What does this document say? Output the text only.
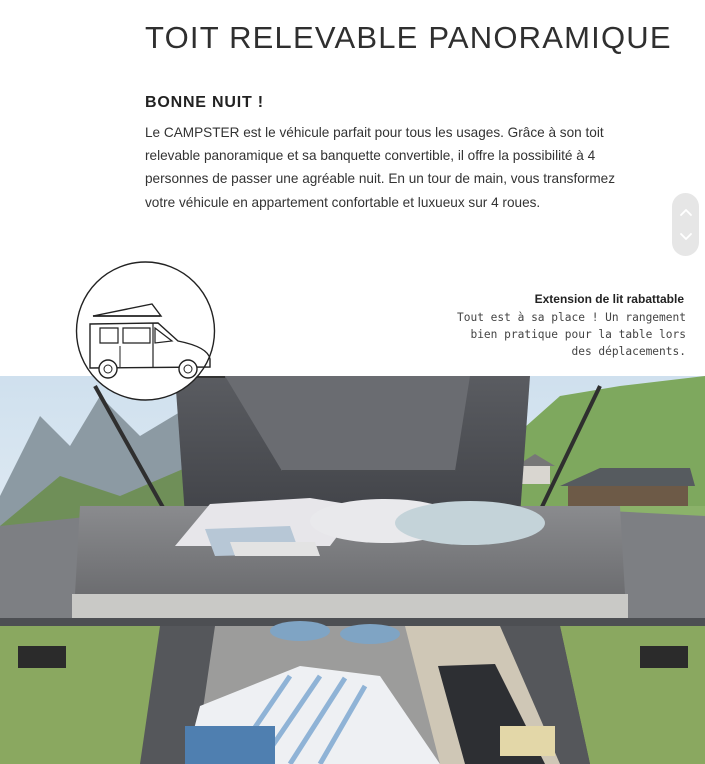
TOIT RELEVABLE PANORAMIQUE
BONNE NUIT !

Le CAMPSTER est le véhicule parfait pour tous les usages. Grâce à son toit relevable panoramique et sa banquette convertible, il offre la possibilité à 4 personnes de passer une agréable nuit. En un tour de main, vous transformez votre véhicule en appartement confortable et luxueux sur 4 roues.

Extension de lit rabattable

Tout est à sa place ! Un rangement bien pratique pour la table lors des déplacements.
